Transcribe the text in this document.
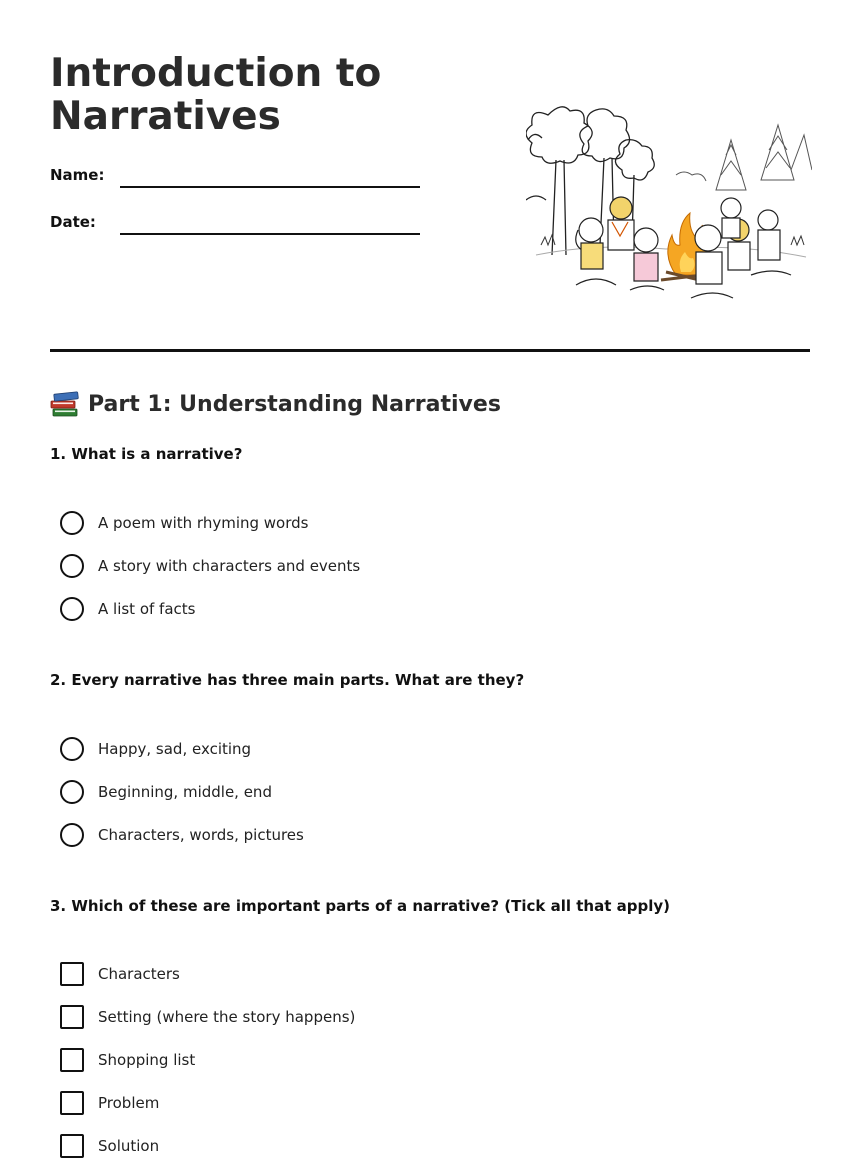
Introduction to
Narratives
Name:
Date:
Part 1: Understanding Narratives
1. What is a narrative?
A poem with rhyming words
A story with characters and events
A list of facts
2. Every narrative has three main parts. What are they?
Happy, sad, exciting
Beginning, middle, end
Characters, words, pictures
3. Which of these are important parts of a narrative? (Tick all that apply)
Characters
Setting (where the story happens)
Shopping list
Problem
Solution
